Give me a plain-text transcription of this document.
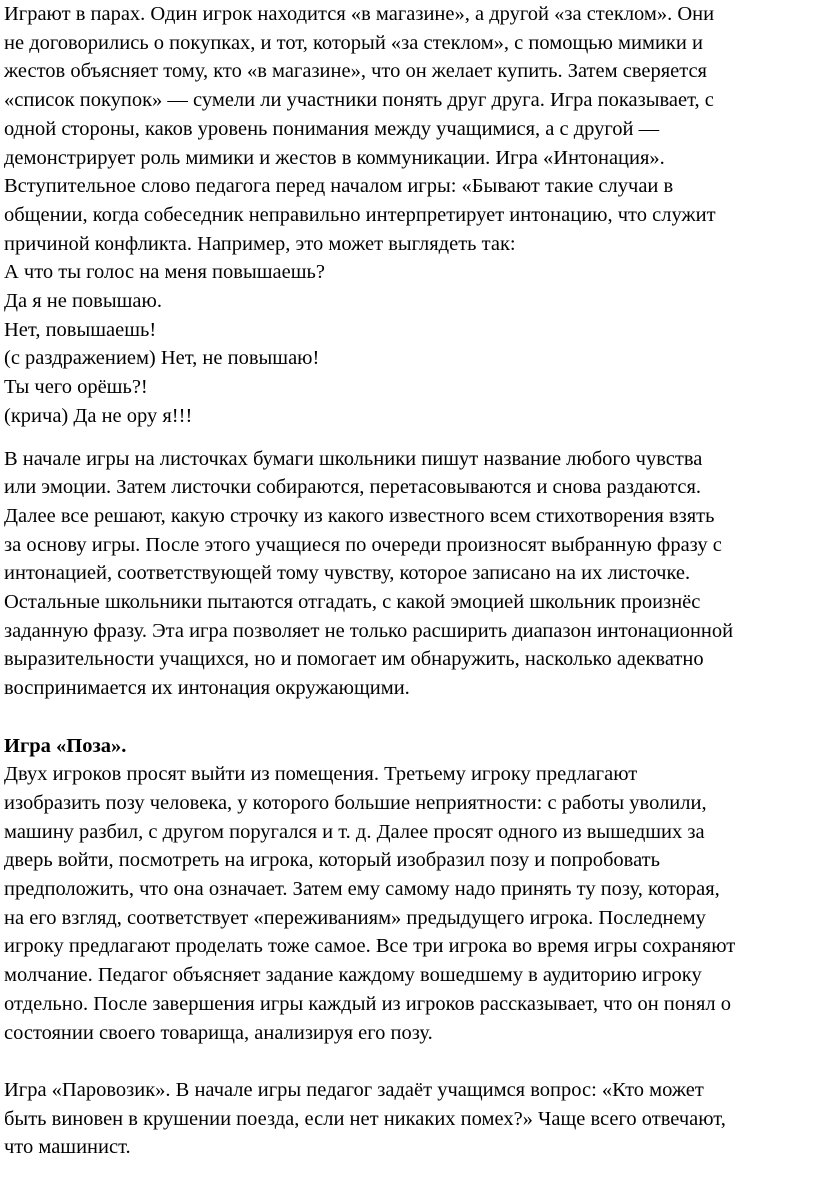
Играют в парах. Один игрок находится «в магазине», а другой «за стеклом». Они
не договорились о покупках, и тот, который «за стеклом», с помощью мимики и
жестов объясняет тому, кто «в магазине», что он желает купить. Затем сверяется
«список покупок» — сумели ли участники понять друг друга. Игра показывает, с
одной стороны, каков уровень понимания между учащимися, а с другой —
демонстрирует роль мимики и жестов в коммуникации. Игра «Интонация».
Вступительное слово педагога перед началом игры: «Бывают такие случаи в
общении, когда собеседник неправильно интерпретирует интонацию, что служит
причиной конфликта. Например, это может выглядеть так:
А что ты голос на меня повышаешь?
Да я не повышаю.
Нет, повышаешь!
(с раздражением) Нет, не повышаю!
Ты чего орёшь?!
(крича) Да не ору я!!!
В начале игры на листочках бумаги школьники пишут название любого чувства
или эмоции. Затем листочки собираются, перетасовываются и снова раздаются.
Далее все решают, какую строчку из какого известного всем стихотворения взять
за основу игры. После этого учащиеся по очереди произносят выбранную фразу с
интонацией, соответствующей тому чувству, которое записано на их листочке.
Остальные школьники пытаются отгадать, с какой эмоцией школьник произнёс
заданную фразу. Эта игра позволяет не только расширить диапазон интонационной
выразительности учащихся, но и помогает им обнаружить, насколько адекватно
воспринимается их интонация окружающими.
Игра «Поза».
Двух игроков просят выйти из помещения. Третьему игроку предлагают
изобразить позу человека, у которого большие неприятности: с работы уволили,
машину разбил, с другом поругался и т. д. Далее просят одного из вышедших за
дверь войти, посмотреть на игрока, который изобразил позу и попробовать
предположить, что она означает. Затем ему самому надо принять ту позу, которая,
на его взгляд, соответствует «переживаниям» предыдущего игрока. Последнему
игроку предлагают проделать тоже самое. Все три игрока во время игры сохраняют
молчание. Педагог объясняет задание каждому вошедшему в аудиторию игроку
отдельно. После завершения игры каждый из игроков рассказывает, что он понял о
состоянии своего товарища, анализируя его позу.
Игра «Паровозик». В начале игры педагог задаёт учащимся вопрос: «Кто может
быть виновен в крушении поезда, если нет никаких помех?» Чаще всего отвечают,
что машинист.
